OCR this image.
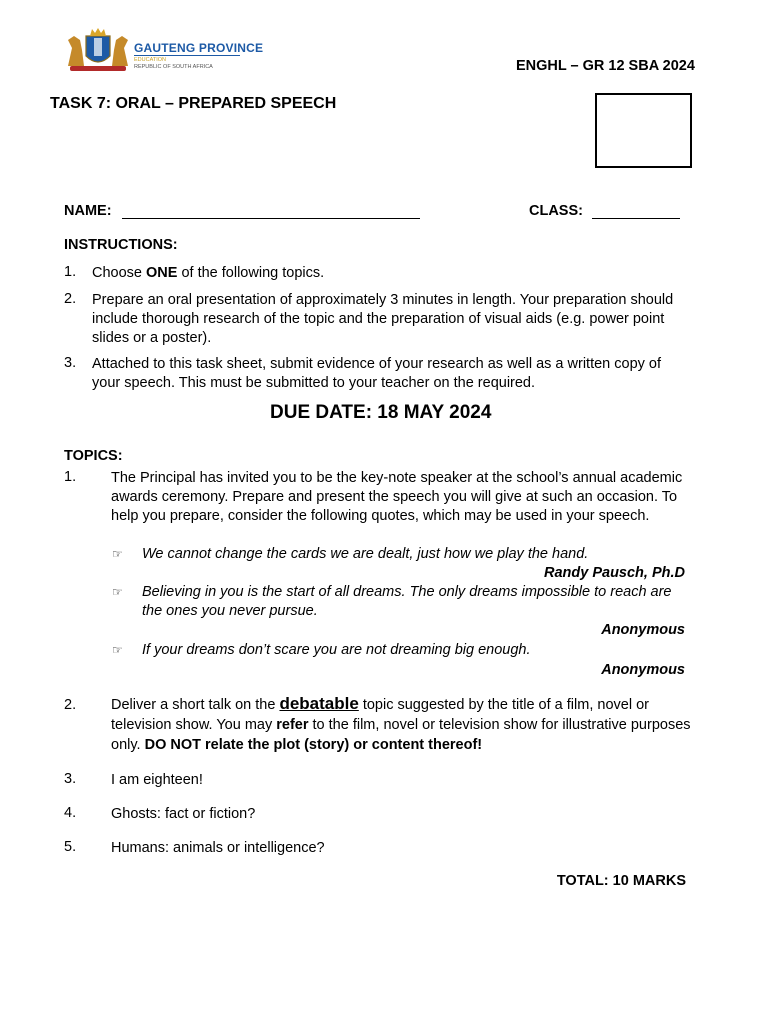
GAUTENG PROVINCE
EDUCATION
REPUBLIC OF SOUTH AFRICA	ENGHL – GR 12 SBA 2024
TASK 7: ORAL – PREPARED SPEECH
NAME:	CLASS:
INSTRUCTIONS:
1. Choose ONE of the following topics.
2. Prepare an oral presentation of approximately 3 minutes in length. Your preparation should include thorough research of the topic and the preparation of visual aids (e.g. power point slides or a poster).
3. Attached to this task sheet, submit evidence of your research as well as a written copy of your speech. This must be submitted to your teacher on the required.
DUE DATE: 18 MAY 2024
TOPICS:
1. The Principal has invited you to be the key-note speaker at the school’s annual academic awards ceremony. Prepare and present the speech you will give at such an occasion. To help you prepare, consider the following quotes, which may be used in your speech.
☞ We cannot change the cards we are dealt, just how we play the hand.
Randy Pausch, Ph.D
☞ Believing in you is the start of all dreams. The only dreams impossible to reach are the ones you never pursue.
Anonymous
☞ If your dreams don’t scare you are not dreaming big enough.
Anonymous
2. Deliver a short talk on the debatable topic suggested by the title of a film, novel or television show. You may refer to the film, novel or television show for illustrative purposes only. DO NOT relate the plot (story) or content thereof!
3. I am eighteen!
4. Ghosts: fact or fiction?
5. Humans: animals or intelligence?
TOTAL: 10 MARKS
